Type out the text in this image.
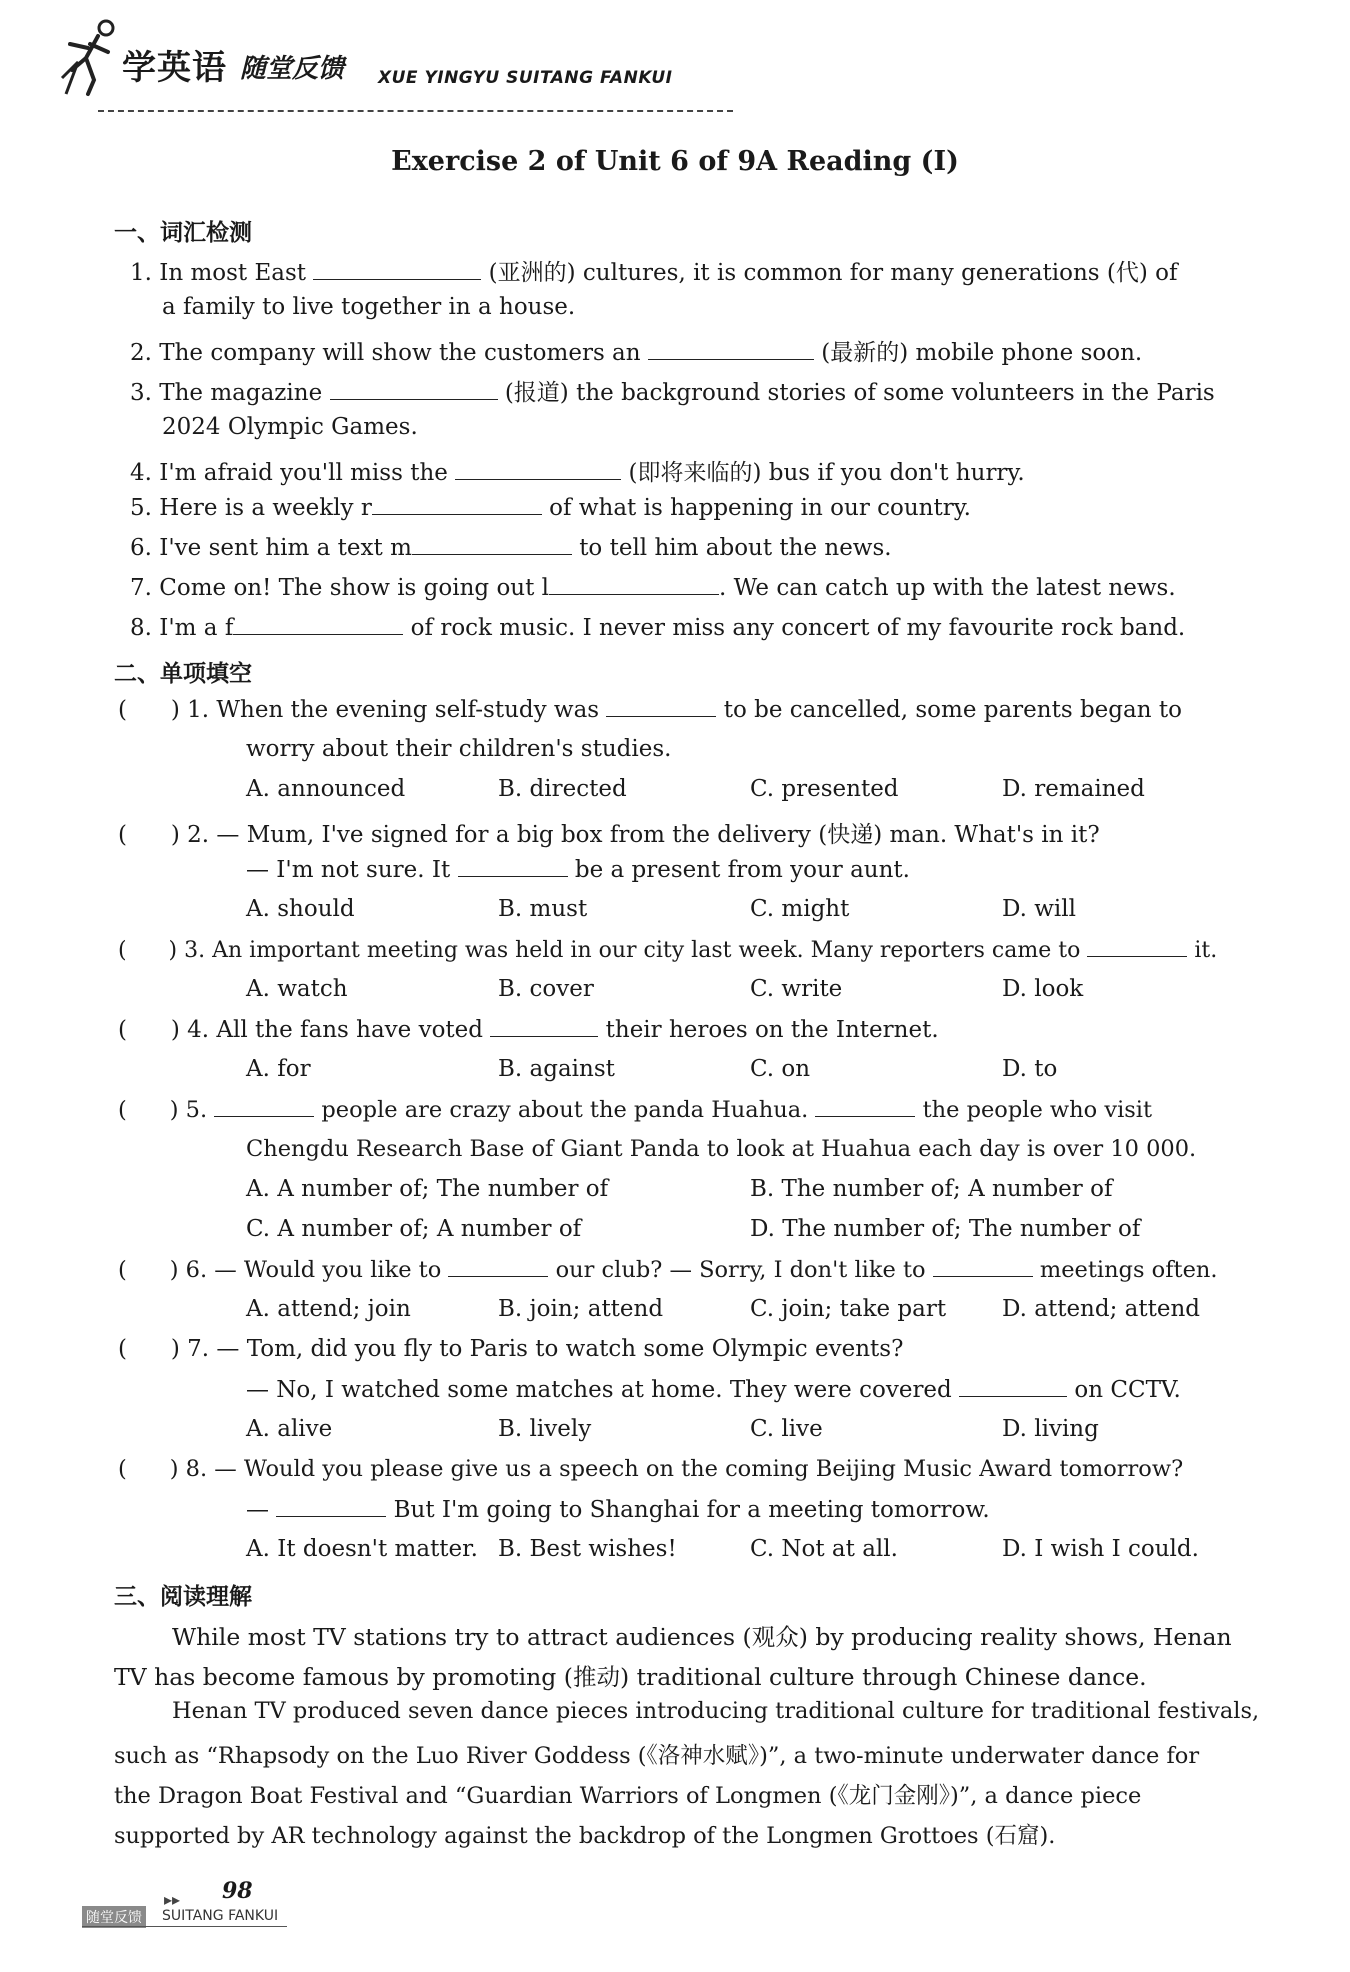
学英语 随堂反馈 XUE YINGYU SUITANG FANKUI
Exercise 2 of Unit 6 of 9A Reading (Ⅰ)
一、词汇检测
1. In most East	(亚洲的) cultures, it is common for many generations (代) of
a family to live together in a house.
2. The company will show the customers an	(最新的) mobile phone soon.
3. The magazine	(报道) the background stories of some volunteers in the Paris
2024 Olympic Games.
4. I'm afraid you'll miss the	(即将来临的) bus if you don't hurry.
5. Here is a weekly r	of what is happening in our country.
6. I've sent him a text m	to tell him about the news.
7. Come on! The show is going out l	. We can catch up with the latest news.
8. I'm a f	of rock music. I never miss any concert of my favourite rock band.
二、单项填空
(      ) 1. When the evening self-study was	to be cancelled, some parents began to
worry about their children's studies.
A. announced	B. directed	C. presented	D. remained
(      ) 2. — Mum, I've signed for a big box from the delivery (快递) man. What's in it?
— I'm not sure. It	be a present from your aunt.
A. should	B. must	C. might	D. will
(      ) 3. An important meeting was held in our city last week. Many reporters came to	it.
A. watch	B. cover	C. write	D. look
(      ) 4. All the fans have voted	their heroes on the Internet.
A. for	B. against	C. on	D. to
(      ) 5.	people are crazy about the panda Huahua.	the people who visit
Chengdu Research Base of Giant Panda to look at Huahua each day is over 10 000.
A. A number of; The number of	B. The number of; A number of
C. A number of; A number of	D. The number of; The number of
(      ) 6. — Would you like to	our club? — Sorry, I don't like to	meetings often.
A. attend; join	B. join; attend	C. join; take part D. attend; attend
(      ) 7. — Tom, did you fly to Paris to watch some Olympic events?
— No, I watched some matches at home. They were covered	on CCTV.
A. alive	B. lively	C. live	D. living
(      ) 8. — Would you please give us a speech on the coming Beijing Music Award tomorrow?
—	But I'm going to Shanghai for a meeting tomorrow.
A. It doesn't matter. B. Best wishes!	C. Not at all.	D. I wish I could.
三、阅读理解
While most TV stations try to attract audiences (观众) by producing reality shows, Henan
TV has become famous by promoting (推动) traditional culture through Chinese dance.
Henan TV produced seven dance pieces introducing traditional culture for traditional festivals,
such as “Rhapsody on the Luo River Goddess (《洛神水赋》)”, a two-minute underwater dance for
the Dragon Boat Festival and “Guardian Warriors of Longmen (《龙门金刚》)”, a dance piece
supported by AR technology against the backdrop of the Longmen Grottoes (石窟).
▸▸ 98
随堂反馈 SUITANG FANKUI
